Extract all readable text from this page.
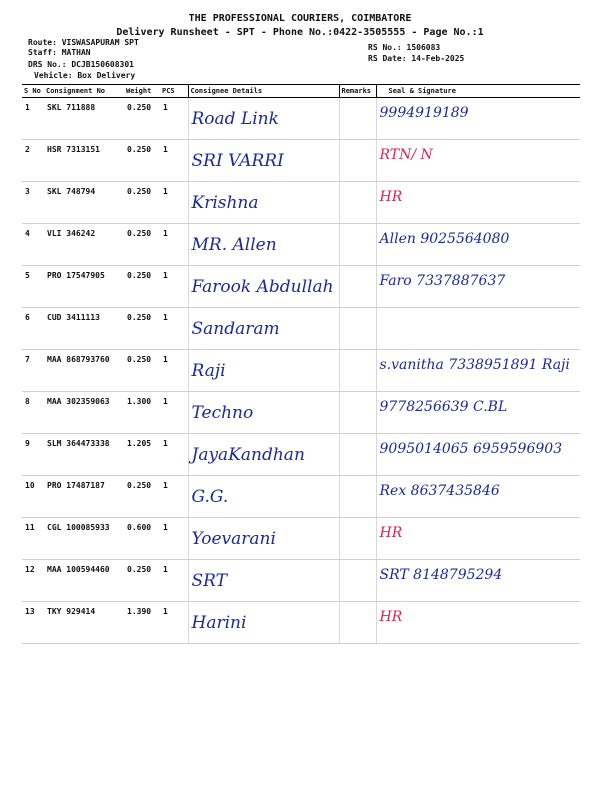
THE PROFESSIONAL COURIERS, COIMBATORE
Delivery Runsheet - SPT - Phone No.:0422-3505555 - Page No.:1
Route: VISWASAPURAM SPT
Staff: MATHAN
DRS No.: DCJB150608301
Vehicle: Box Delivery
RS No.: 1506083
RS Date: 14-Feb-2025
S No	Consignment No	Weight	PCS	Consignee Details	Remarks	Seal & Signature
1	SKL 711888	0.250	1	Road Link		9994919189
2	HSR 7313151	0.250	1	SRI VARRI		RTN/ N
3	SKL 748794	0.250	1	Krishna		HR
4	VLI 346242	0.250	1	MR. Allen		Allen 9025564080
5	PRO 17547905	0.250	1	Farook Abdullah		Faro 7337887637
6	CUD 3411113	0.250	1	Sandaram		
7	MAA 868793760	0.250	1	Raji		s.vanitha 7338951891 Raji
8	MAA 302359063	1.300	1	Techno		9778256639 C.BL
9	SLM 364473338	1.205	1	JayaKandhan		9095014065 6959596903
10	PRO 17487187	0.250	1	G.G.		Rex 8637435846
11	CGL 100085933	0.600	1	Yoevarani		HR
12	MAA 100594460	0.250	1	SRT		SRT 8148795294
13	TKY 929414	1.390	1	Harini		HR
